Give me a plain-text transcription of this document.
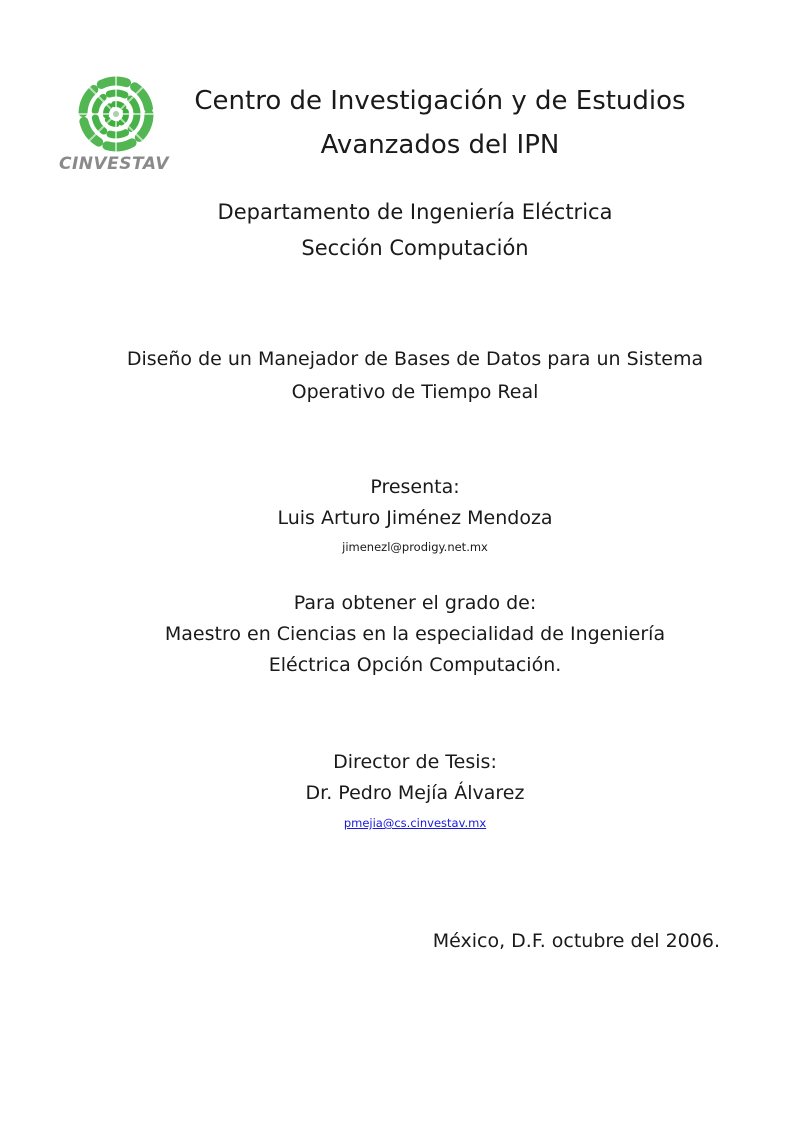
CINVESTAV
Centro de Investigación y de Estudios
Avanzados del IPN
Departamento de Ingeniería Eléctrica
Sección Computación
Diseño de un Manejador de Bases de Datos para un Sistema
Operativo de Tiempo Real
Presenta:
Luis Arturo Jiménez Mendoza
jimenezl@prodigy.net.mx
Para obtener el grado de:
Maestro en Ciencias en la especialidad de Ingeniería
Eléctrica Opción Computación.
Director de Tesis:
Dr. Pedro Mejía Álvarez
pmejia@cs.cinvestav.mx
México, D.F. octubre del 2006.
